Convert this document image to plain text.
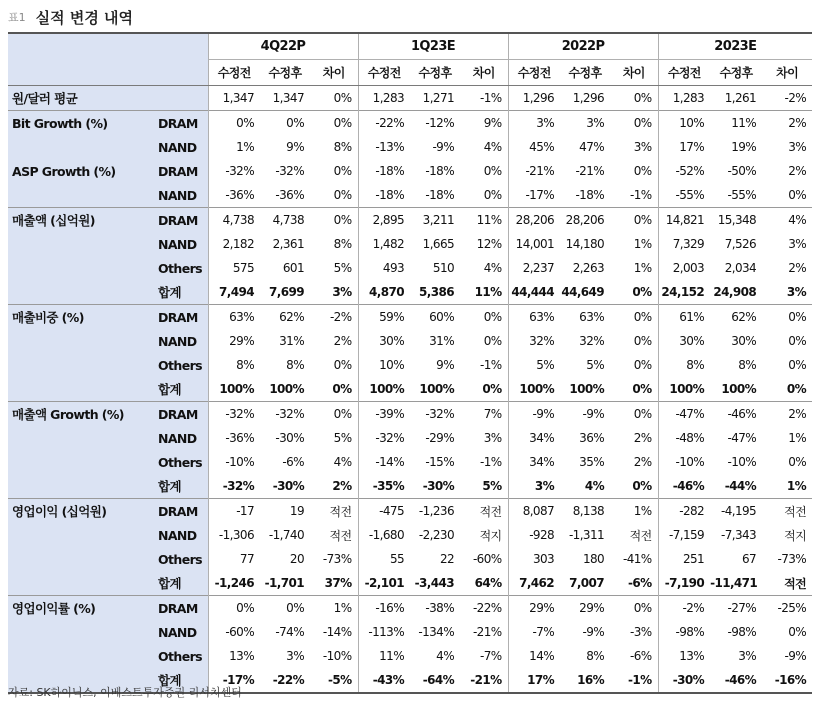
표1 실적 변경 내역
		4Q22P			1Q23E			2022P			2023E		
		수정전	수정후	차이	수정전	수정후	차이	수정전	수정후	차이	수정전	수정후	차이
원/달러 평균		1,347	1,347	0%	1,283	1,271	-1%	1,296	1,296	0%	1,283	1,261	-2%
Bit Growth (%)	DRAM	0%	0%	0%	-22%	-12%	9%	3%	3%	0%	10%	11%	2%
	NAND	1%	9%	8%	-13%	-9%	4%	45%	47%	3%	17%	19%	3%
ASP Growth (%)	DRAM	-32%	-32%	0%	-18%	-18%	0%	-21%	-21%	0%	-52%	-50%	2%
	NAND	-36%	-36%	0%	-18%	-18%	0%	-17%	-18%	-1%	-55%	-55%	0%
매출액 (십억원)	DRAM	4,738	4,738	0%	2,895	3,211	11%	28,206	28,206	0%	14,821	15,348	4%
	NAND	2,182	2,361	8%	1,482	1,665	12%	14,001	14,180	1%	7,329	7,526	3%
	Others	575	601	5%	493	510	4%	2,237	2,263	1%	2,003	2,034	2%
	합계	7,494	7,699	3%	4,870	5,386	11%	44,444	44,649	0%	24,152	24,908	3%
매출비중 (%)	DRAM	63%	62%	-2%	59%	60%	0%	63%	63%	0%	61%	62%	0%
	NAND	29%	31%	2%	30%	31%	0%	32%	32%	0%	30%	30%	0%
	Others	8%	8%	0%	10%	9%	-1%	5%	5%	0%	8%	8%	0%
	합계	100%	100%	0%	100%	100%	0%	100%	100%	0%	100%	100%	0%
매출액 Growth (%)	DRAM	-32%	-32%	0%	-39%	-32%	7%	-9%	-9%	0%	-47%	-46%	2%
	NAND	-36%	-30%	5%	-32%	-29%	3%	34%	36%	2%	-48%	-47%	1%
	Others	-10%	-6%	4%	-14%	-15%	-1%	34%	35%	2%	-10%	-10%	0%
	합계	-32%	-30%	2%	-35%	-30%	5%	3%	4%	0%	-46%	-44%	1%
영업이익 (십억원)	DRAM	-17	19	적전	-475	-1,236	적전	8,087	8,138	1%	-282	-4,195	적전
	NAND	-1,306	-1,740	적전	-1,680	-2,230	적지	-928	-1,311	적전	-7,159	-7,343	적지
	Others	77	20	-73%	55	22	-60%	303	180	-41%	251	67	-73%
	합계	-1,246	-1,701	37%	-2,101	-3,443	64%	7,462	7,007	-6%	-7,190	-11,471	적전
영업이익률 (%)	DRAM	0%	0%	1%	-16%	-38%	-22%	29%	29%	0%	-2%	-27%	-25%
	NAND	-60%	-74%	-14%	-113%	-134%	-21%	-7%	-9%	-3%	-98%	-98%	0%
	Others	13%	3%	-10%	11%	4%	-7%	14%	8%	-6%	13%	3%	-9%
	합계	-17%	-22%	-5%	-43%	-64%	-21%	17%	16%	-1%	-30%	-46%	-16%
자료: SK하이닉스, 이베스트투자증권 리서치센터
